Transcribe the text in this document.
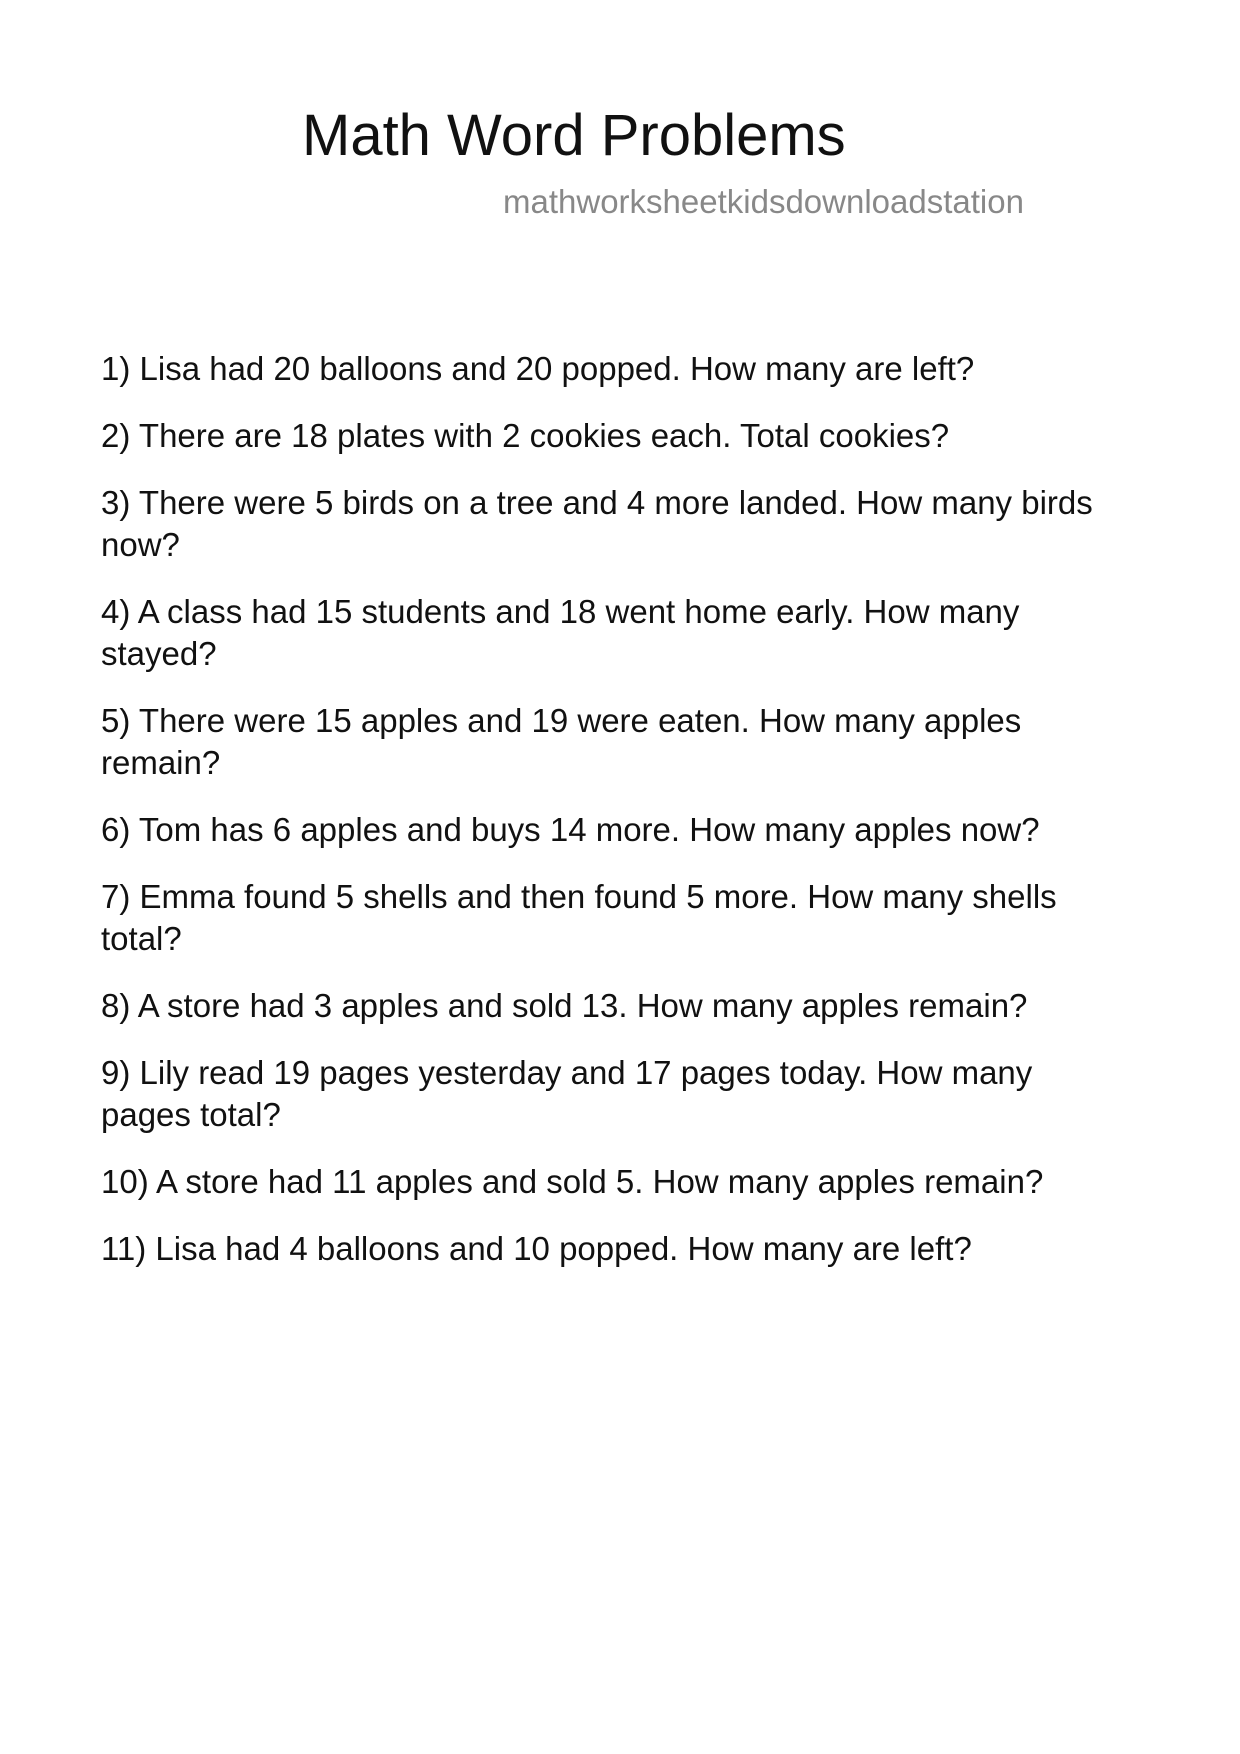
Math Word Problems
mathworksheetkidsdownloadstation
1) Lisa had 20 balloons and 20 popped. How many are left?
2) There are 18 plates with 2 cookies each. Total cookies?
3) There were 5 birds on a tree and 4 more landed. How many birds now?
4) A class had 15 students and 18 went home early. How many stayed?
5) There were 15 apples and 19 were eaten. How many apples remain?
6) Tom has 6 apples and buys 14 more. How many apples now?
7) Emma found 5 shells and then found 5 more. How many shells total?
8) A store had 3 apples and sold 13. How many apples remain?
9) Lily read 19 pages yesterday and 17 pages today. How many pages total?
10) A store had 11 apples and sold 5. How many apples remain?
11) Lisa had 4 balloons and 10 popped. How many are left?
